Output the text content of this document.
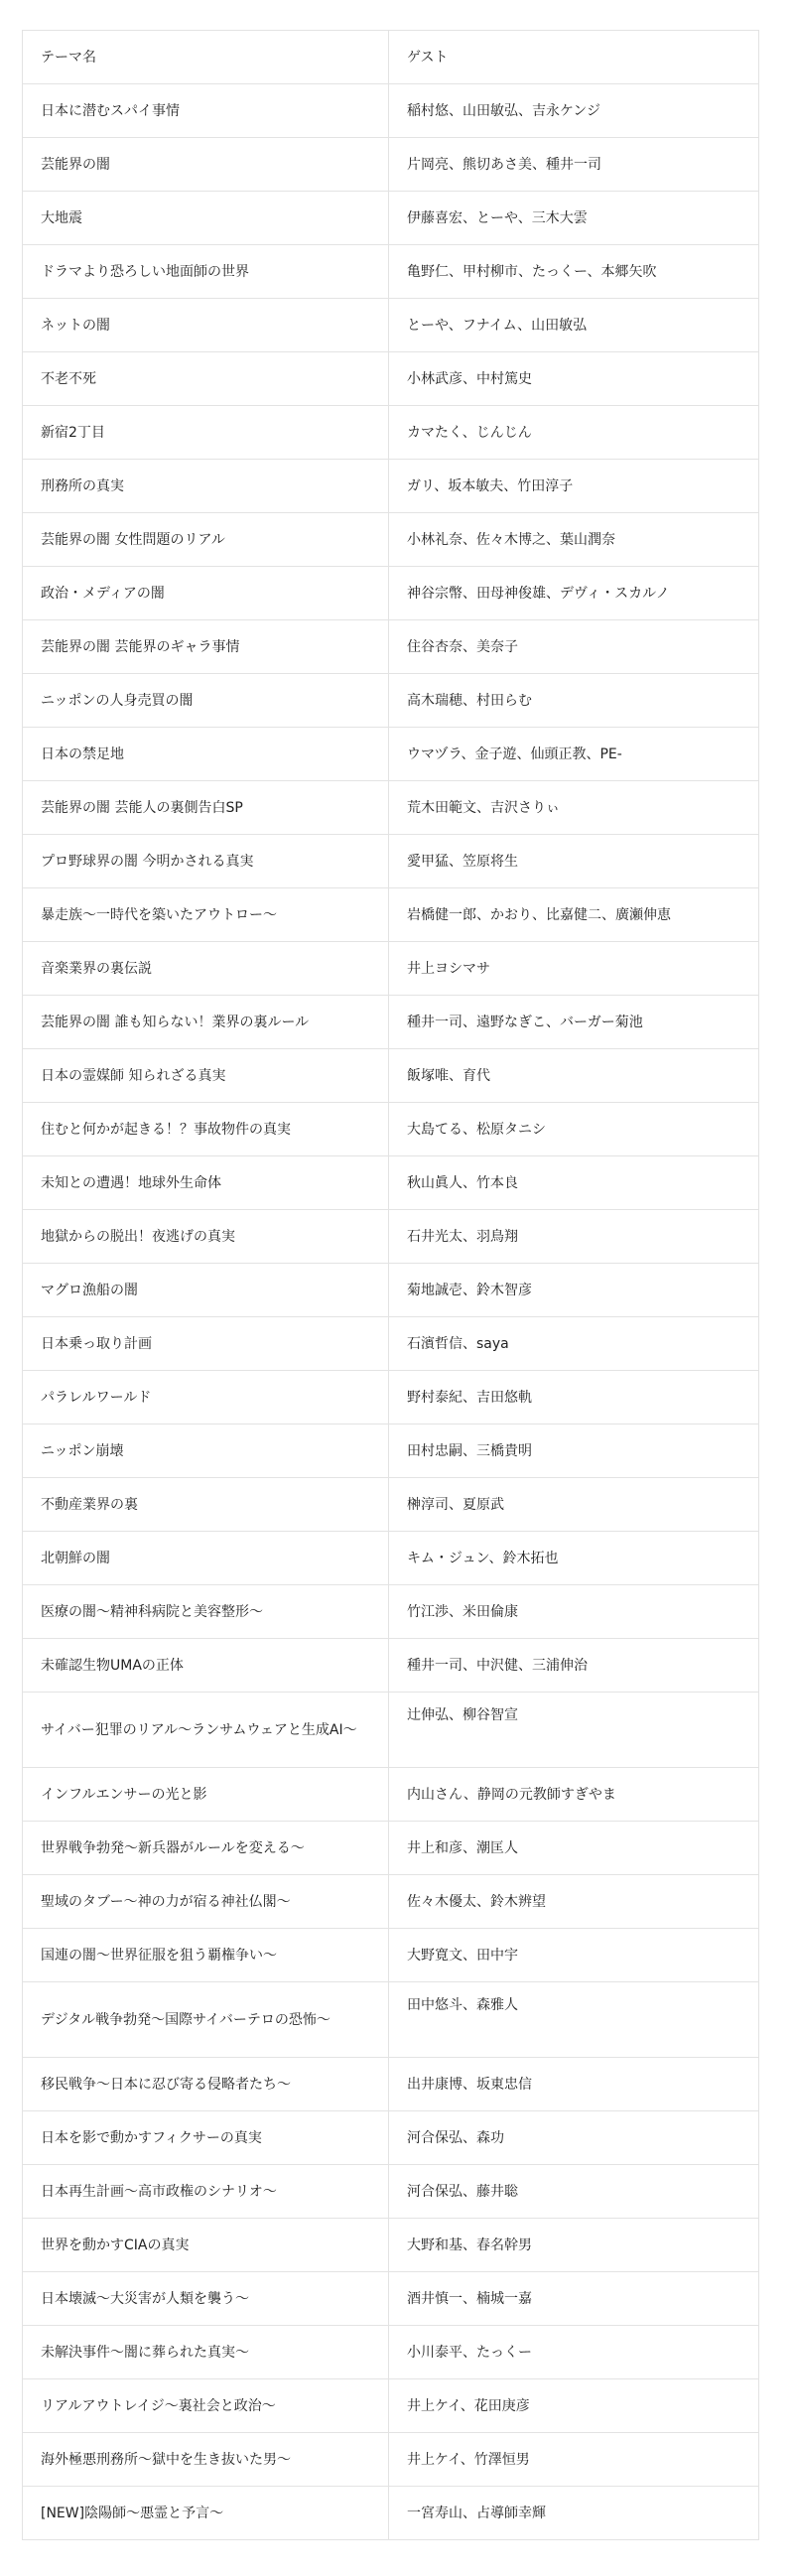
テーマ名	ゲスト
日本に潜むスパイ事情	稲村悠、山田敏弘、吉永ケンジ
芸能界の闇	片岡亮、熊切あさ美、種井一司
大地震	伊藤喜宏、とーや、三木大雲
ドラマより恐ろしい地面師の世界	亀野仁、甲村柳市、たっくー、本郷矢吹
ネットの闇	とーや、フナイム、山田敏弘
不老不死	小林武彦、中村篤史
新宿2丁目	カマたく、じんじん
刑務所の真実	ガリ、坂本敏夫、竹田淳子
芸能界の闇 女性問題のリアル	小林礼奈、佐々木博之、葉山潤奈
政治・メディアの闇	神谷宗幣、田母神俊雄、デヴィ・スカルノ
芸能界の闇 芸能界のギャラ事情	住谷杏奈、美奈子
ニッポンの人身売買の闇	高木瑞穂、村田らむ
日本の禁足地	ウマヅラ、金子遊、仙頭正教、PE-
芸能界の闇 芸能人の裏側告白SP	荒木田範文、吉沢さりぃ
プロ野球界の闇 今明かされる真実	愛甲猛、笠原将生
暴走族〜一時代を築いたアウトロー〜	岩橋健一郎、かおり、比嘉健二、廣瀬伸恵
音楽業界の裏伝説	井上ヨシマサ
芸能界の闇 誰も知らない！業界の裏ルール	種井一司、遠野なぎこ、バーガー菊池
日本の霊媒師 知られざる真実	飯塚唯、育代
住むと何かが起きる！？事故物件の真実	大島てる、松原タニシ
未知との遭遇！地球外生命体	秋山眞人、竹本良
地獄からの脱出！夜逃げの真実	石井光太、羽鳥翔
マグロ漁船の闇	菊地誠壱、鈴木智彦
日本乗っ取り計画	石濱哲信、saya
パラレルワールド	野村泰紀、吉田悠軌
ニッポン崩壊	田村忠嗣、三橋貴明
不動産業界の裏	榊淳司、夏原武
北朝鮮の闇	キム・ジュン、鈴木拓也
医療の闇〜精神科病院と美容整形〜	竹江渉、米田倫康
未確認生物UMAの正体	種井一司、中沢健、三浦伸治
サイバー犯罪のリアル〜ランサムウェアと生成AI〜	辻伸弘、柳谷智宣
インフルエンサーの光と影	内山さん、静岡の元教師すぎやま
世界戦争勃発〜新兵器がルールを変える〜	井上和彦、潮匡人
聖域のタブー〜神の力が宿る神社仏閣〜	佐々木優太、鈴木辨望
国連の闇〜世界征服を狙う覇権争い〜	大野寛文、田中宇
デジタル戦争勃発〜国際サイバーテロの恐怖〜	田中悠斗、森雅人
移民戦争〜日本に忍び寄る侵略者たち〜	出井康博、坂東忠信
日本を影で動かすフィクサーの真実	河合保弘、森功
日本再生計画〜高市政権のシナリオ〜	河合保弘、藤井聡
世界を動かすCIAの真実	大野和基、春名幹男
日本壊滅〜大災害が人類を襲う〜	酒井慎一、楠城一嘉
未解決事件〜闇に葬られた真実〜	小川泰平、たっくー
リアルアウトレイジ〜裏社会と政治〜	井上ケイ、花田庚彦
海外極悪刑務所〜獄中を生き抜いた男〜	井上ケイ、竹澤恒男
[NEW]陰陽師〜悪霊と予言〜	一宮寿山、占導師幸輝
